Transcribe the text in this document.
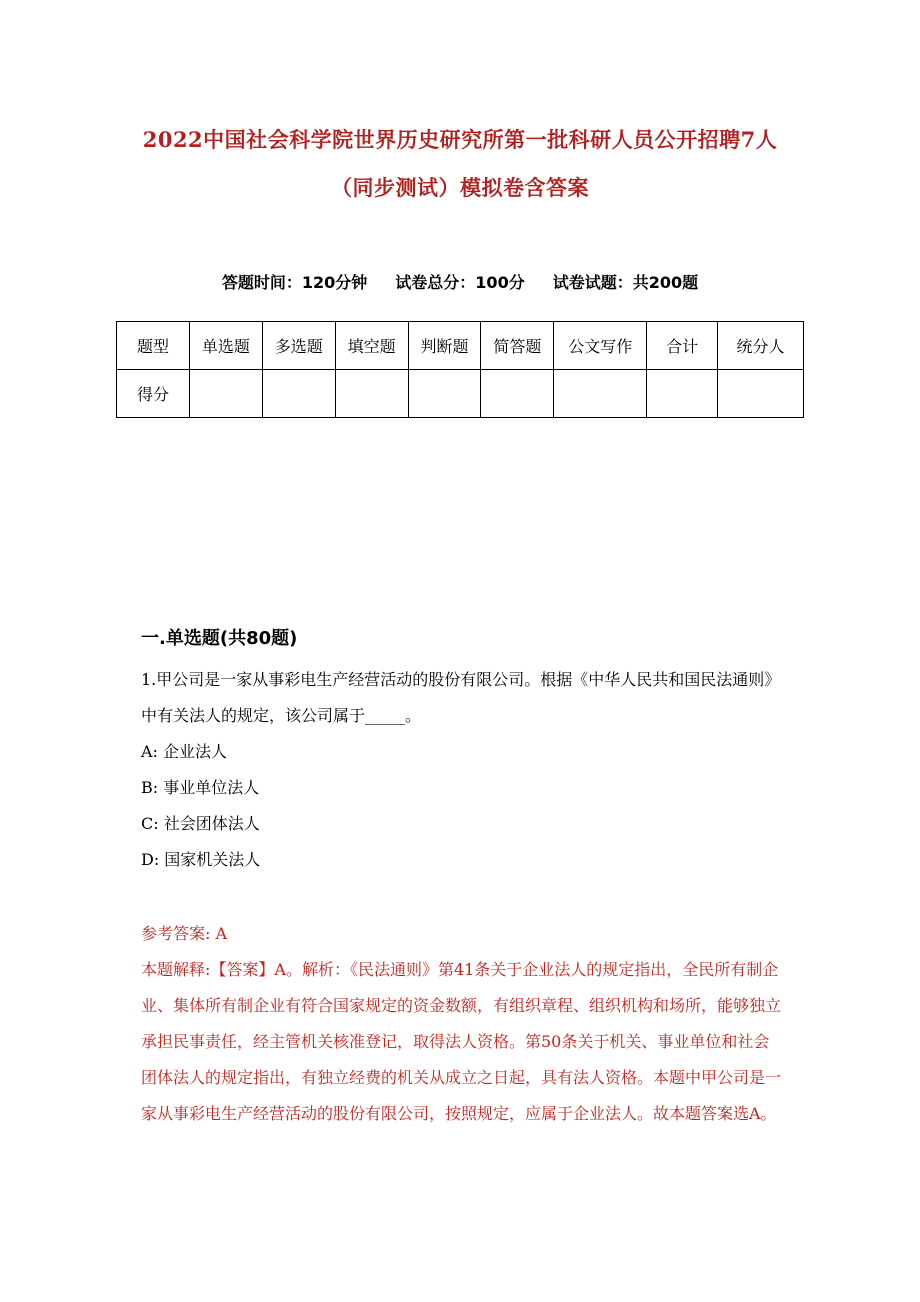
2022中国社会科学院世界历史研究所第一批科研人员公开招聘7人
（同步测试）模拟卷含答案
答题时间：120分钟 试卷总分：100分 试卷试题：共200题
题型	单选题	多选题	填空题	判断题	简答题	公文写作	合计	统分人
得分								
一.单选题(共80题)
1.甲公司是一家从事彩电生产经营活动的股份有限公司。根据《中华人民共和国民法通则》中有关法人的规定，该公司属于_____。
A: 企业法人
B: 事业单位法人
C: 社会团体法人
D: 国家机关法人
参考答案: A
本题解释:【答案】A。解析：《民法通则》第41条关于企业法人的规定指出，全民所有制企业、集体所有制企业有符合国家规定的资金数额，有组织章程、组织机构和场所，能够独立承担民事责任，经主管机关核准登记，取得法人资格。第50条关于机关、事业单位和社会团体法人的规定指出，有独立经费的机关从成立之日起，具有法人资格。本题中甲公司是一家从事彩电生产经营活动的股份有限公司，按照规定，应属于企业法人。故本题答案选A。
